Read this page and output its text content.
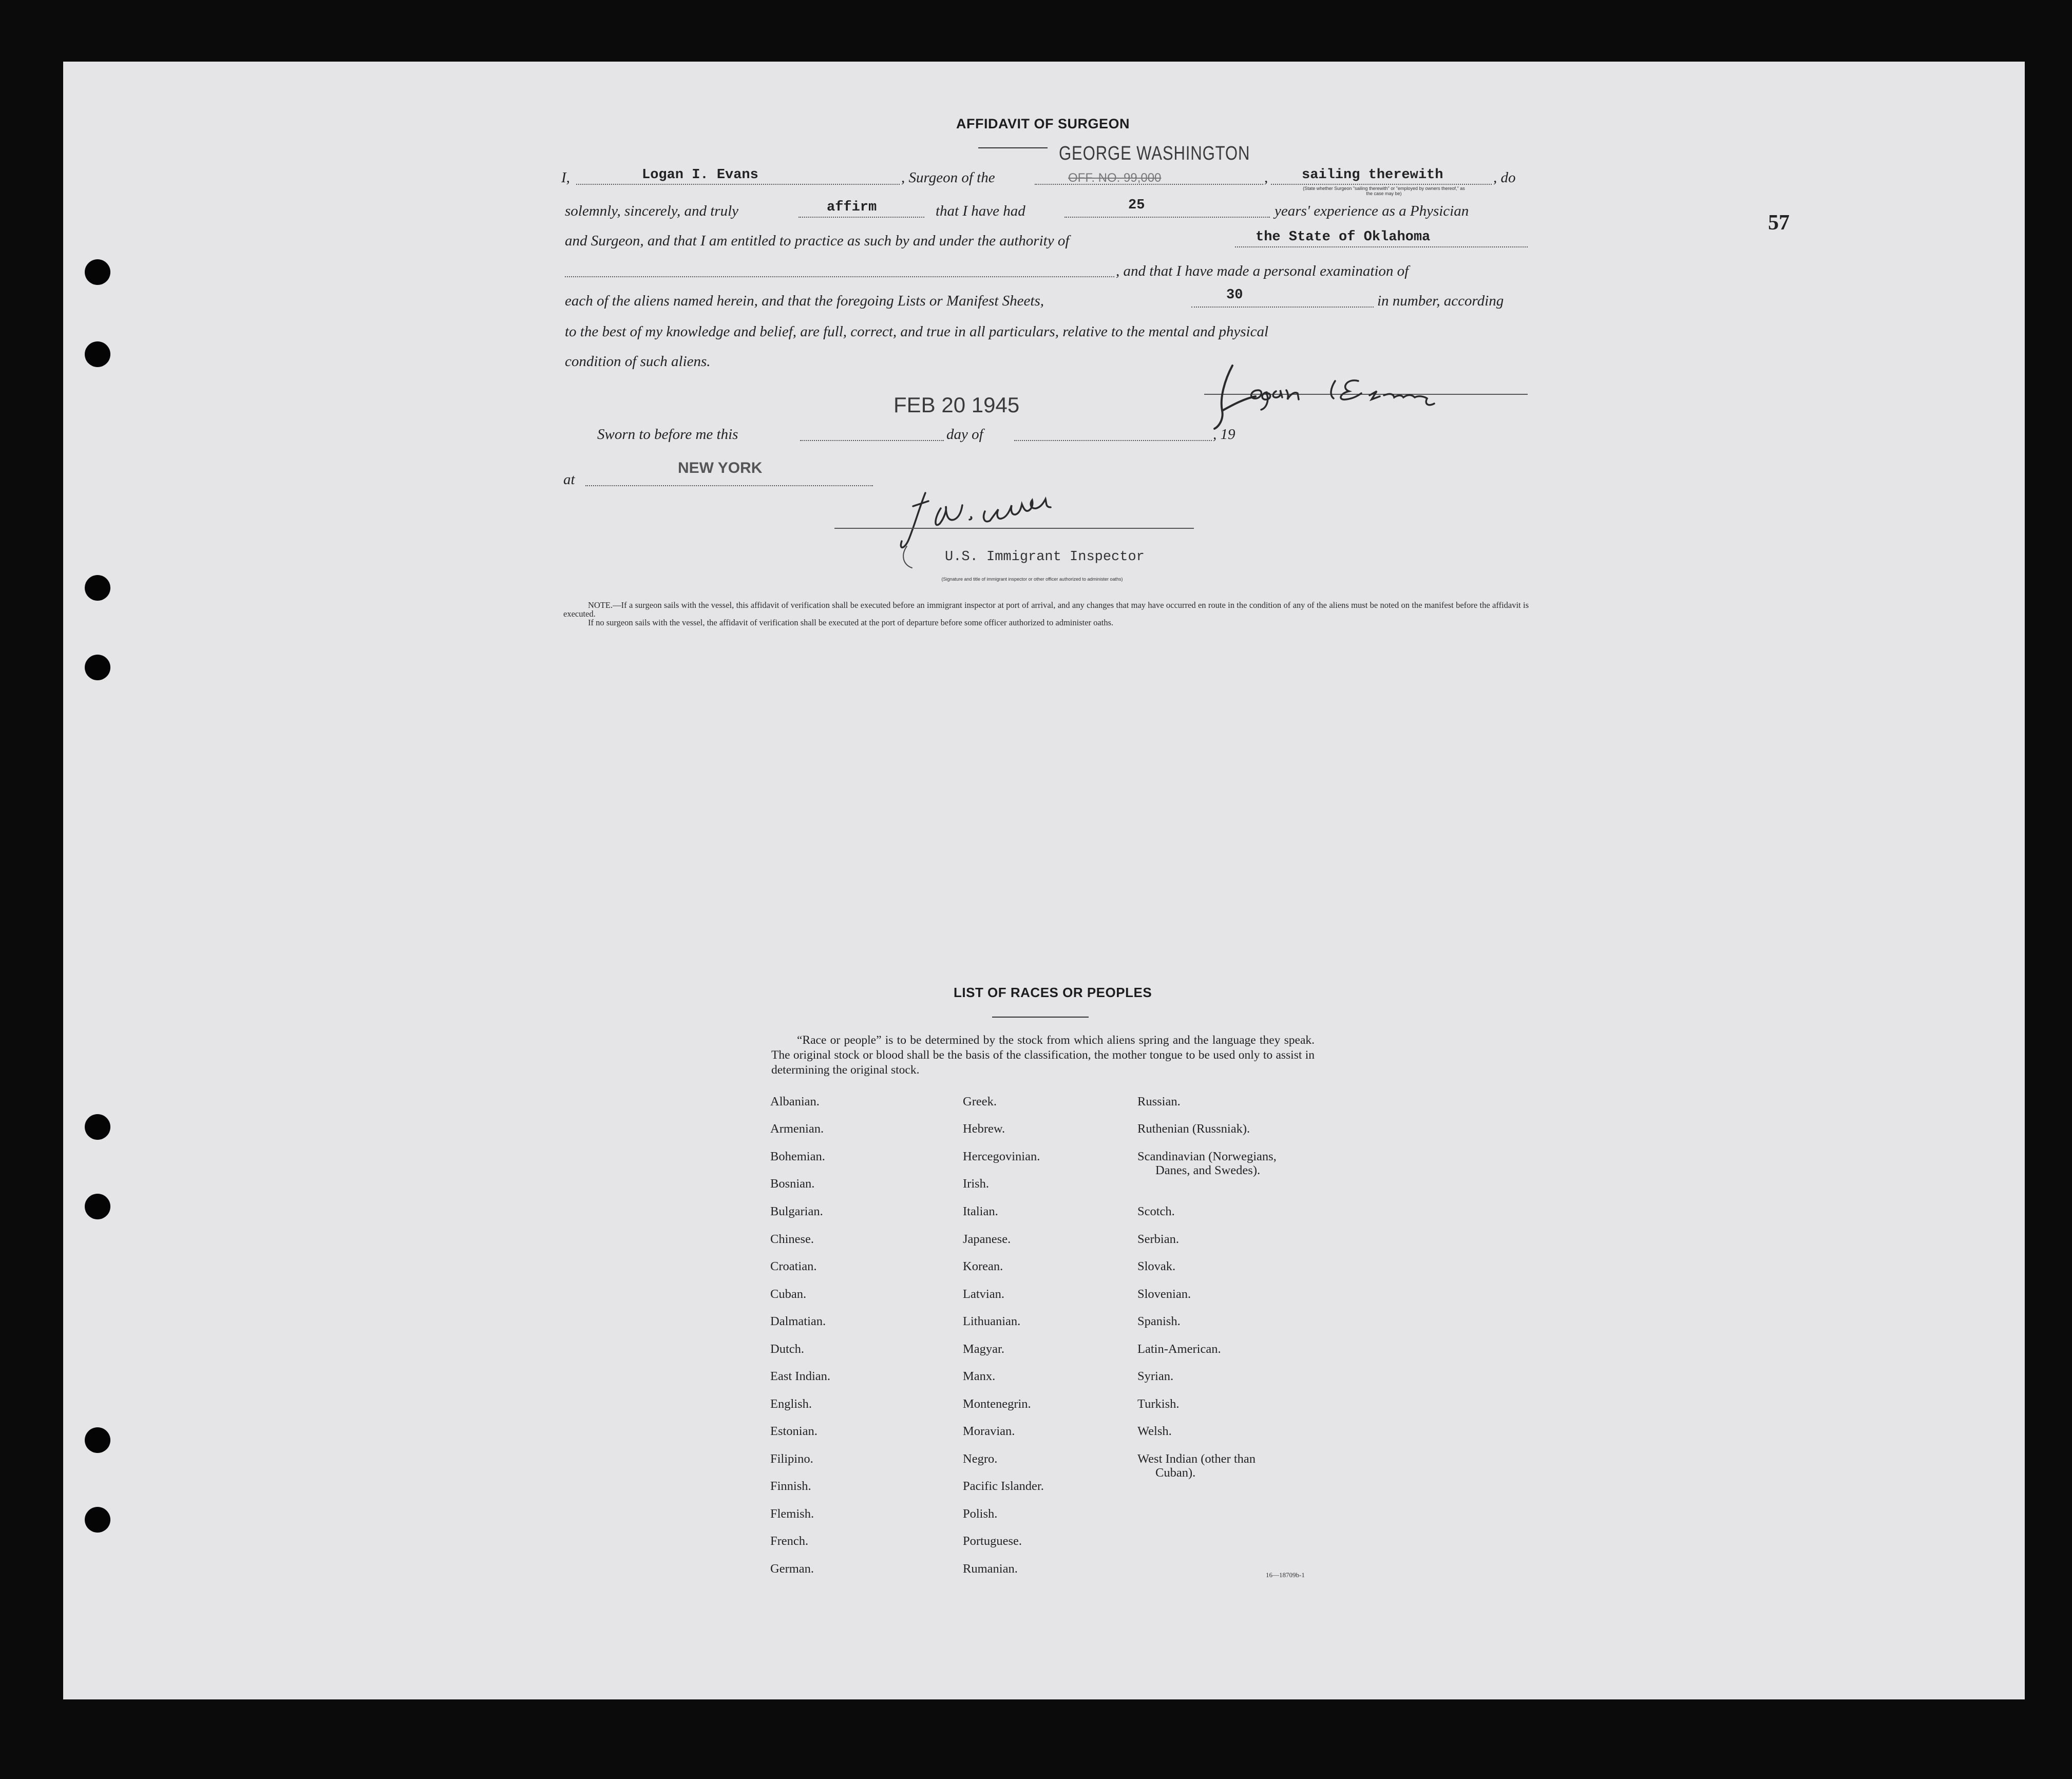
57
AFFIDAVIT OF SURGEON
I,	Logan I. Evans	, Surgeon of the
GEORGE WASHINGTON
OFF. NO. 99,000	, sailing therewith	, do
(State whether Surgeon "sailing therewith" or "employed by owners thereof," as the case may be)
solemnly, sincerely, and truly	affirm	that I have had	25	years' experience as a Physician
and Surgeon, and that I am entitled to practice as such by and under the authority of	the State of Oklahoma
, and that I have made a personal examination of
each of the aliens named herein, and that the foregoing Lists or Manifest Sheets,	30	in number, according
to the best of my knowledge and belief, are full, correct, and true in all particulars, relative to the mental and physical
condition of such aliens.
FEB 20 1945
Sworn to before me this	day of	, 19
at
NEW YORK
U.S. Immigrant Inspector
(Signature and title of immigrant inspector or other officer authorized to administer oaths)
NOTE.—If a surgeon sails with the vessel, this affidavit of verification shall be executed before an immigrant inspector at port of arrival, and any changes that may have occurred en route in the condition of any of the aliens must be noted on the manifest before the affidavit is executed.
If no surgeon sails with the vessel, the affidavit of verification shall be executed at the port of departure before some officer authorized to administer oaths.
LIST OF RACES OR PEOPLES
“Race or people” is to be determined by the stock from which aliens spring and the language they speak. The original stock or blood shall be the basis of the classification, the mother tongue to be used only to assist in determining the original stock.
Albanian.
Armenian.
Bohemian.
Bosnian.
Bulgarian.
Chinese.
Croatian.
Cuban.
Dalmatian.
Dutch.
East Indian.
English.
Estonian.
Filipino.
Finnish.
Flemish.
French.
German.
Greek.
Hebrew.
Hercegovinian.
Irish.
Italian.
Japanese.
Korean.
Latvian.
Lithuanian.
Magyar.
Manx.
Montenegrin.
Moravian.
Negro.
Pacific Islander.
Polish.
Portuguese.
Rumanian.
Russian.
Ruthenian (Russniak).
Scandinavian (Norwegians,
Danes, and Swedes).
Scotch.
Serbian.
Slovak.
Slovenian.
Spanish.
Latin-American.
Syrian.
Turkish.
Welsh.
West Indian (other than
Cuban).
16—18709b-1
